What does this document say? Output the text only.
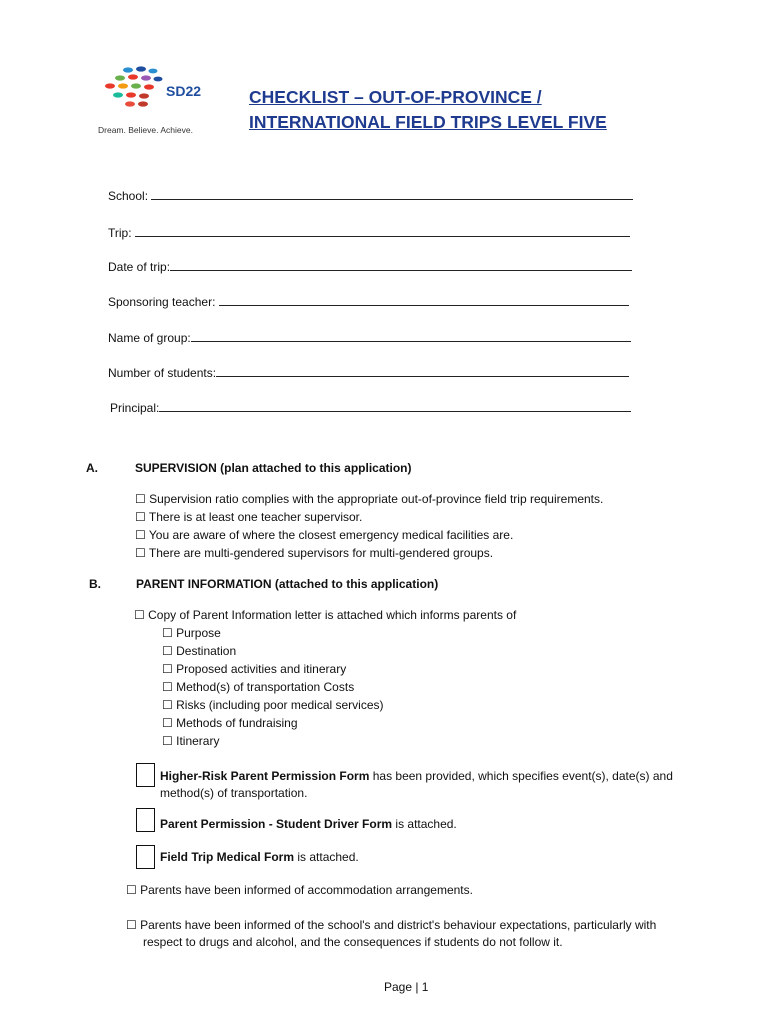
SD22
Dream. Believe. Achieve.
CHECKLIST – OUT-OF-PROVINCE /
INTERNATIONAL FIELD TRIPS LEVEL FIVE
School:
Trip:
Date of trip:
Sponsoring teacher:
Name of group:
Number of students:
Principal:
A.	SUPERVISION (plan attached to this application)
☐ Supervision ratio complies with the appropriate out-of-province field trip requirements.
☐ There is at least one teacher supervisor.
☐ You are aware of where the closest emergency medical facilities are.
☐ There are multi-gendered supervisors for multi-gendered groups.
B.	PARENT INFORMATION (attached to this application)
☐ Copy of Parent Information letter is attached which informs parents of
☐ Purpose
☐ Destination
☐ Proposed activities and itinerary
☐ Method(s) of transportation Costs
☐ Risks (including poor medical services)
☐ Methods of fundraising
☐ Itinerary
Higher-Risk Parent Permission Form has been provided, which specifies event(s), date(s) and
method(s) of transportation.
Parent Permission - Student Driver Form is attached.
Field Trip Medical Form is attached.
☐ Parents have been informed of accommodation arrangements.
☐ Parents have been informed of the school's and district's behaviour expectations, particularly with
respect to drugs and alcohol, and the consequences if students do not follow it.
Page | 1
